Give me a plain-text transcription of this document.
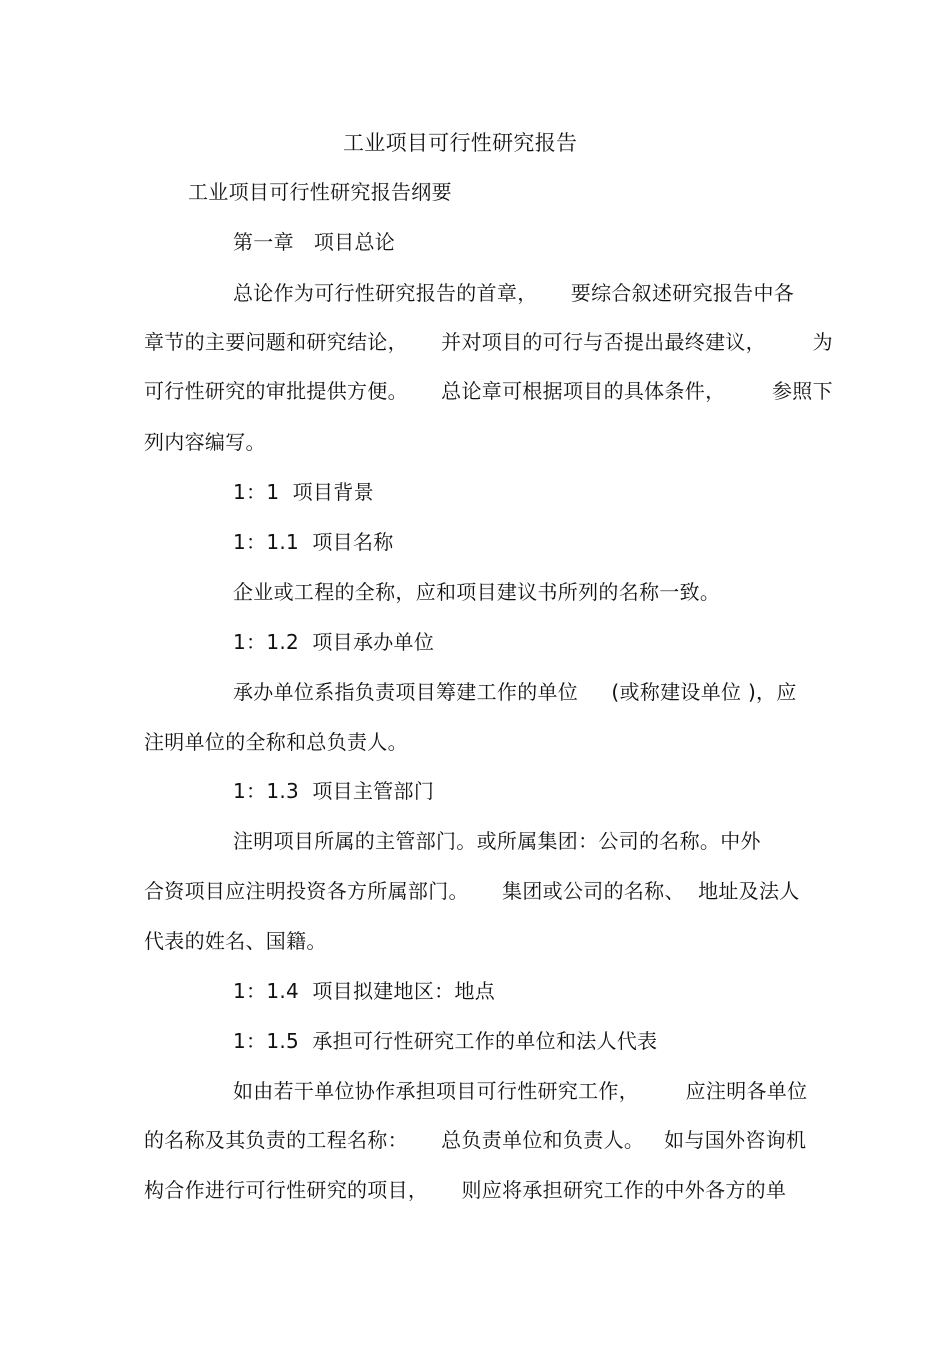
工业项目可行性研究报告
工业项目可行性研究报告纲要
第一章   项目总论
总论作为可行性研究报告的首章，     要综合叙述研究报告中各
章节的主要问题和研究结论，     并对项目的可行与否提出最终建议，       为
可行性研究的审批提供方便。     总论章可根据项目的具体条件，       参照下
列内容编写。
1：1  项目背景
1：1.1  项目名称
企业或工程的全称，应和项目建议书所列的名称一致。
1：1.2  项目承办单位
承办单位系指负责项目筹建工作的单位     (或称建设单位 )，应
注明单位的全称和总负责人。
1：1.3  项目主管部门
注明项目所属的主管部门。或所属集团：公司的名称。中外
合资项目应注明投资各方所属部门。     集团或公司的名称、  地址及法人
代表的姓名、国籍。
1：1.4  项目拟建地区：地点
1：1.5  承担可行性研究工作的单位和法人代表
如由若干单位协作承担项目可行性研究工作，       应注明各单位
的名称及其负责的工程名称：     总负责单位和负责人。   如与国外咨询机
构合作进行可行性研究的项目，     则应将承担研究工作的中外各方的单
